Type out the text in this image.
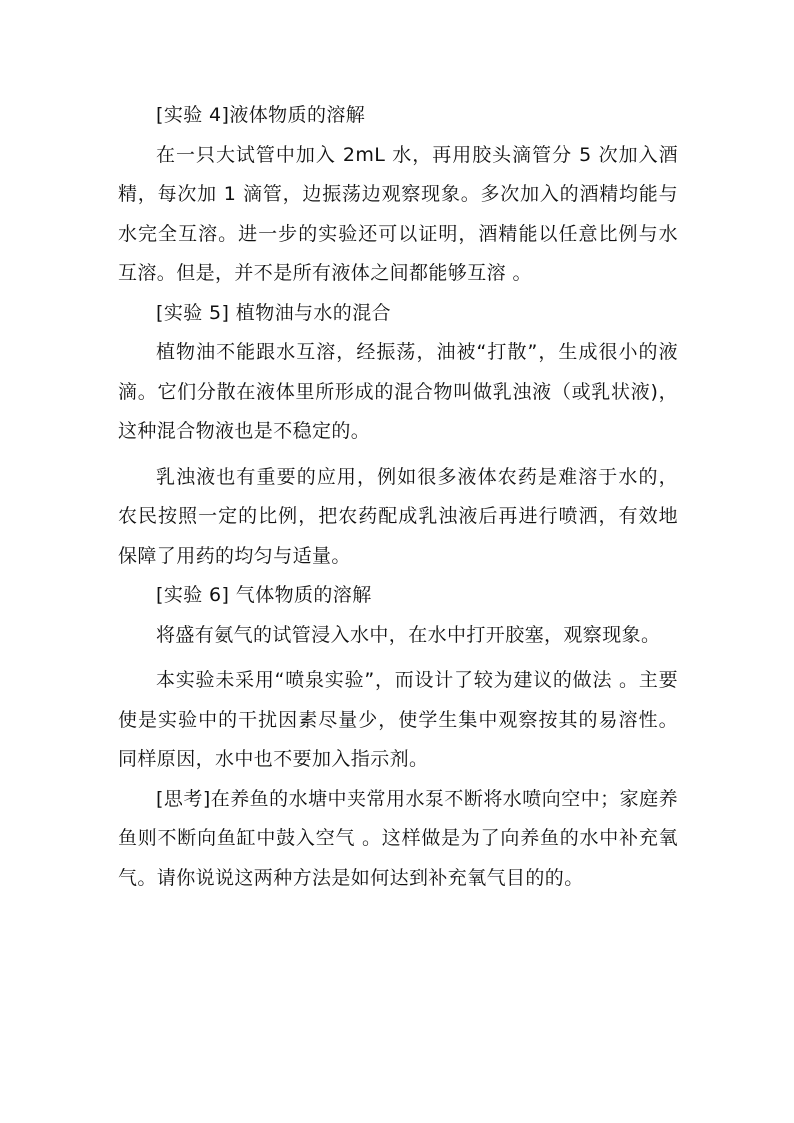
[实验 4]液体物质的溶解

在一只大试管中加入 2mL 水，再用胶头滴管分 5 次加入酒精，每次加 1 滴管，边振荡边观察现象。多次加入的酒精均能与水完全互溶。进一步的实验还可以证明，酒精能以任意比例与水互溶。但是，并不是所有液体之间都能够互溶 。

[实验 5] 植物油与水的混合

植物油不能跟水互溶，经振荡，油被“打散”，生成很小的液滴。它们分散在液体里所形成的混合物叫做乳浊液（或乳状液)，这种混合物液也是不稳定的。

乳浊液也有重要的应用，例如很多液体农药是难溶于水的，农民按照一定的比例，把农药配成乳浊液后再进行喷洒，有效地保障了用药的均匀与适量。

[实验 6] 气体物质的溶解

将盛有氨气的试管浸入水中，在水中打开胶塞，观察现象。

本实验未采用“喷泉实验”，而设计了较为建议的做法 。主要使是实验中的干扰因素尽量少，使学生集中观察按其的易溶性。同样原因，水中也不要加入指示剂。

[思考]在养鱼的水塘中夹常用水泵不断将水喷向空中；家庭养鱼则不断向鱼缸中鼓入空气 。这样做是为了向养鱼的水中补充氧气。请你说说这两种方法是如何达到补充氧气目的的。
